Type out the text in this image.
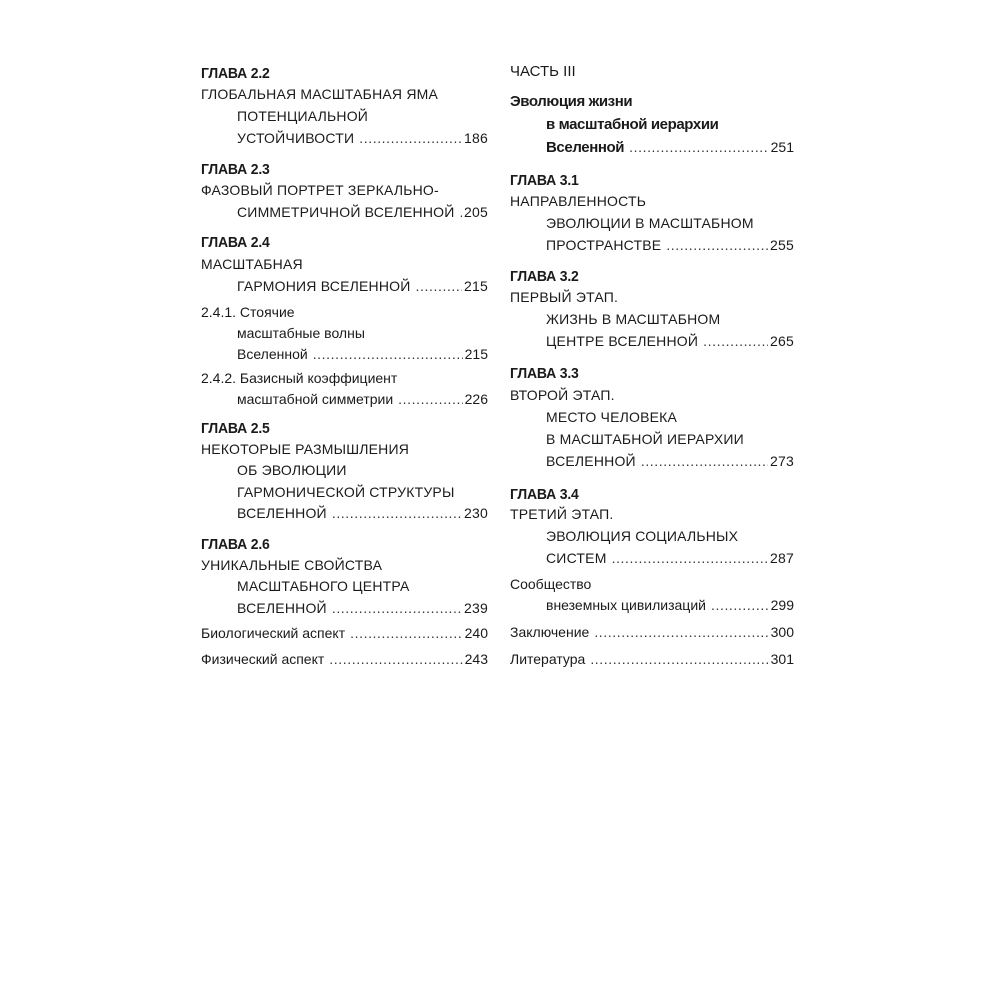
ГЛАВА 2.2
ГЛОБАЛЬНАЯ МАСШТАБНАЯ ЯМА
ПОТЕНЦИАЛЬНОЙ
УСТОЙЧИВОСТИ .....	186
ГЛАВА 2.3
ФАЗОВЫЙ ПОРТРЕТ ЗЕРКАЛЬНО-
СИММЕТРИЧНОЙ ВСЕЛЕННОЙ ..... 205
ГЛАВА 2.4
МАСШТАБНАЯ
ГАРМОНИЯ ВСЕЛЕННОЙ .....	215
2.4.1. Стоячие
масштабные волны
Вселенной .....	215
2.4.2. Базисный коэффициент
масштабной симметрии .....	226
ГЛАВА 2.5
НЕКОТОРЫЕ РАЗМЫШЛЕНИЯ
ОБ ЭВОЛЮЦИИ
ГАРМОНИЧЕСКОЙ СТРУКТУРЫ
ВСЕЛЕННОЙ .....	230
ГЛАВА 2.6
УНИКАЛЬНЫЕ СВОЙСТВА
МАСШТАБНОГО ЦЕНТРА
ВСЕЛЕННОЙ .....	239
Биологический аспект .....	240
Физический аспект .....	243
ЧАСТЬ III
Эволюция жизни
в масштабной иерархии
Вселенной .....	251
ГЛАВА 3.1
НАПРАВЛЕННОСТЬ
ЭВОЛЮЦИИ В МАСШТАБНОМ
ПРОСТРАНСТВЕ .....	255
ГЛАВА 3.2
ПЕРВЫЙ ЭТАП.
ЖИЗНЬ В МАСШТАБНОМ
ЦЕНТРЕ ВСЕЛЕННОЙ .....	265
ГЛАВА 3.3
ВТОРОЙ ЭТАП.
МЕСТО ЧЕЛОВЕКА
В МАСШТАБНОЙ ИЕРАРХИИ
ВСЕЛЕННОЙ .....	273
ГЛАВА 3.4
ТРЕТИЙ ЭТАП.
ЭВОЛЮЦИЯ СОЦИАЛЬНЫХ
СИСТЕМ .....	287
Сообщество
внеземных цивилизаций .....	299
Заключение .....	300
Литература .....	301
